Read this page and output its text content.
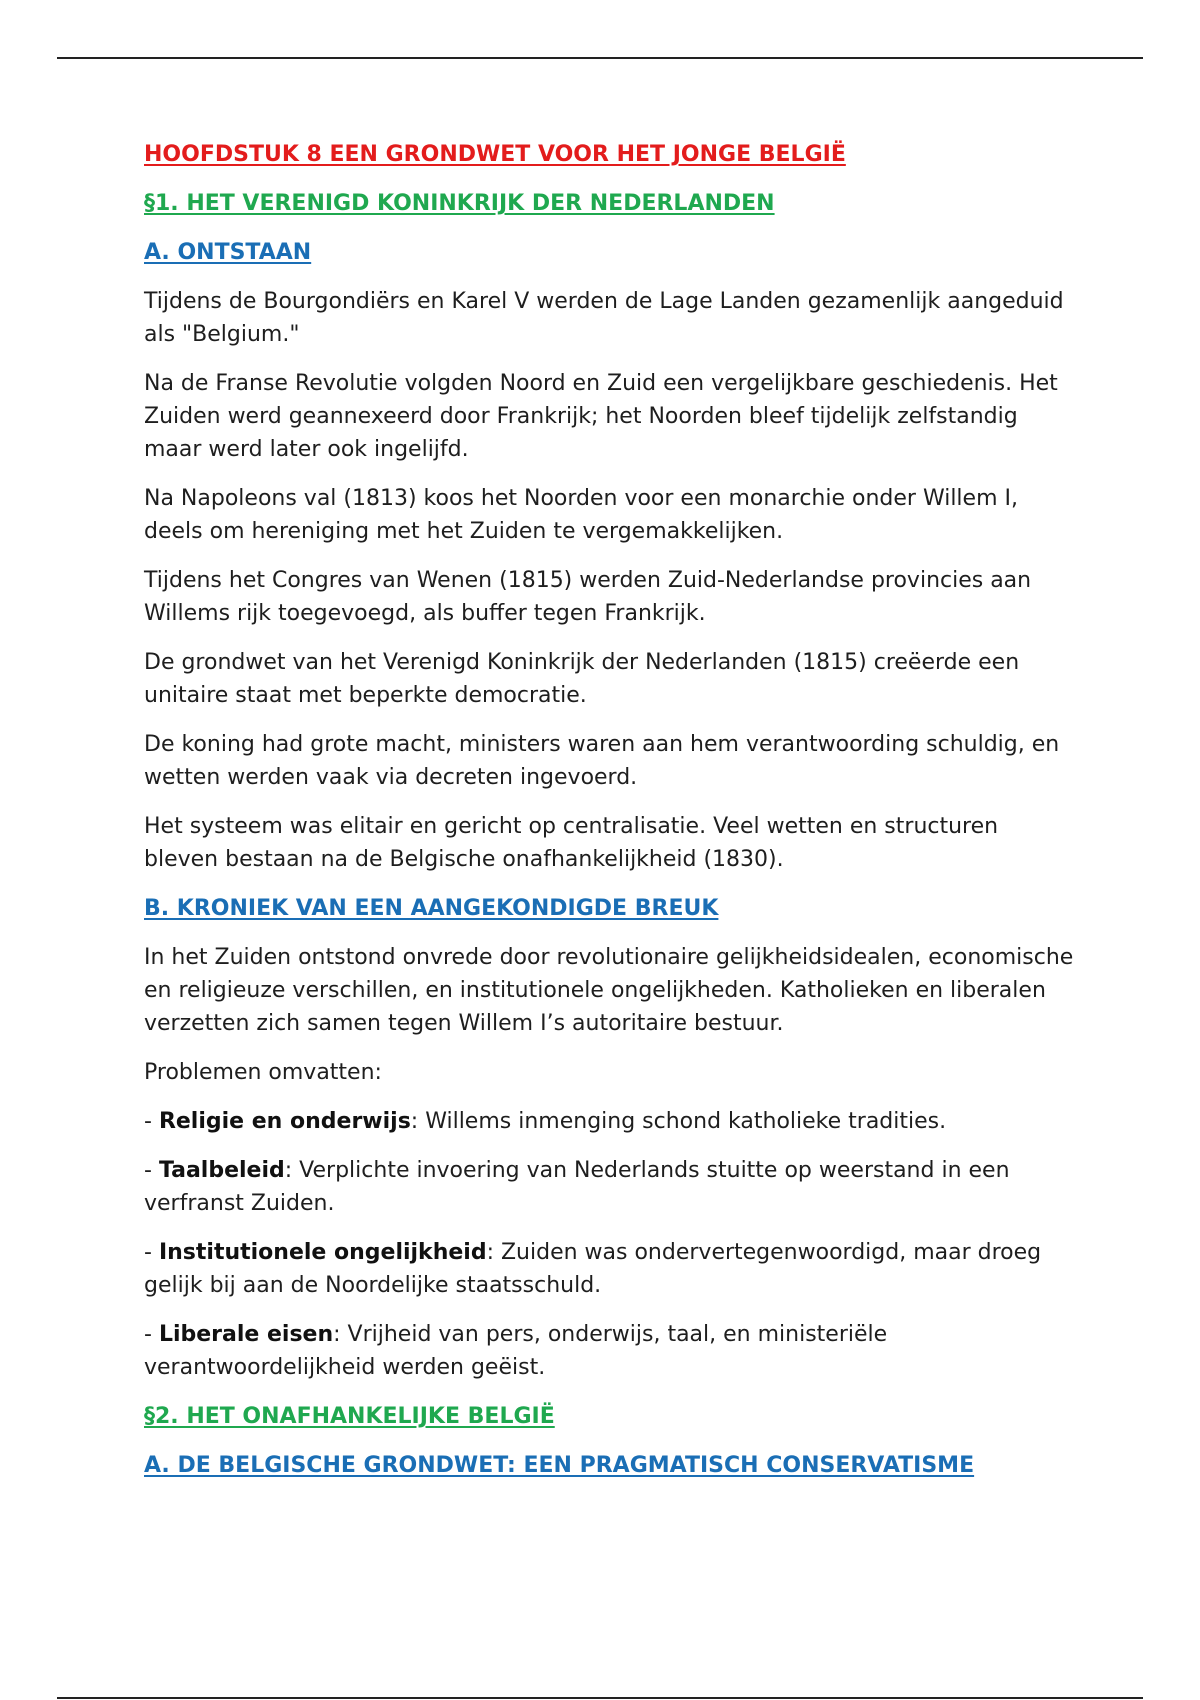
HOOFDSTUK 8 EEN GRONDWET VOOR HET JONGE BELGIË

§1. HET VERENIGD KONINKRIJK DER NEDERLANDEN

A. ONTSTAAN

Tijdens de Bourgondiërs en Karel V werden de Lage Landen gezamenlijk aangeduid als "Belgium."

Na de Franse Revolutie volgden Noord en Zuid een vergelijkbare geschiedenis. Het Zuiden werd geannexeerd door Frankrijk; het Noorden bleef tijdelijk zelfstandig maar werd later ook ingelijfd.

Na Napoleons val (1813) koos het Noorden voor een monarchie onder Willem I, deels om hereniging met het Zuiden te vergemakkelijken.

Tijdens het Congres van Wenen (1815) werden Zuid-Nederlandse provincies aan Willems rijk toegevoegd, als buffer tegen Frankrijk.

De grondwet van het Verenigd Koninkrijk der Nederlanden (1815) creëerde een unitaire staat met beperkte democratie.

De koning had grote macht, ministers waren aan hem verantwoording schuldig, en wetten werden vaak via decreten ingevoerd.

Het systeem was elitair en gericht op centralisatie. Veel wetten en structuren bleven bestaan na de Belgische onafhankelijkheid (1830).

B. KRONIEK VAN EEN AANGEKONDIGDE BREUK

In het Zuiden ontstond onvrede door revolutionaire gelijkheidsidealen, economische en religieuze verschillen, en institutionele ongelijkheden. Katholieken en liberalen verzetten zich samen tegen Willem I’s autoritaire bestuur.

Problemen omvatten:

- Religie en onderwijs: Willems inmenging schond katholieke tradities.

- Taalbeleid: Verplichte invoering van Nederlands stuitte op weerstand in een verfranst Zuiden.

- Institutionele ongelijkheid: Zuiden was ondervertegenwoordigd, maar droeg gelijk bij aan de Noordelijke staatsschuld.

- Liberale eisen: Vrijheid van pers, onderwijs, taal, en ministeriële verantwoordelijkheid werden geëist.

§2. HET ONAFHANKELIJKE BELGIË

A. DE BELGISCHE GRONDWET: EEN PRAGMATISCH CONSERVATISME
